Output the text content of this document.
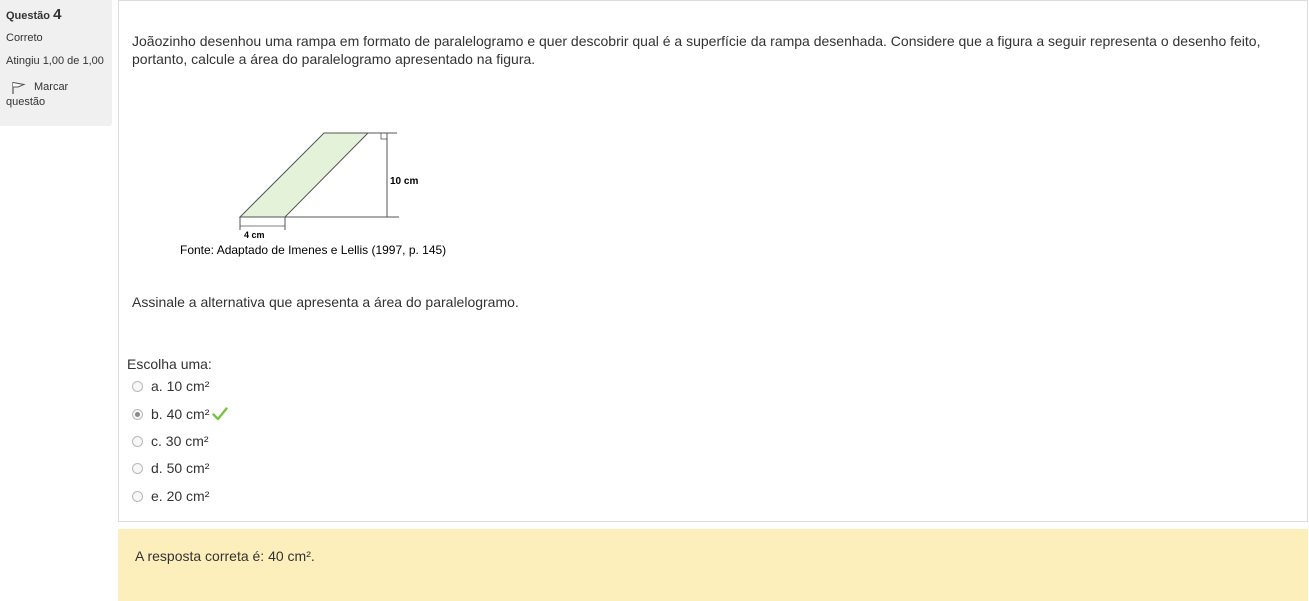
Questão 4
Correto
Atingiu 1,00 de 1,00
Marcar questão
Joãozinho desenhou uma rampa em formato de paralelogramo e quer descobrir qual é a superfície da rampa desenhada. Considere que a figura a seguir representa o desenho feito, portanto, calcule a área do paralelogramo apresentado na figura.
10 cm
4 cm
Fonte: Adaptado de Imenes e Lellis (1997, p. 145)
Assinale a alternativa que apresenta a área do paralelogramo.
Escolha uma:
a. 10 cm²
b. 40 cm²
c. 30 cm²
d. 50 cm²
e. 20 cm²
A resposta correta é: 40 cm².
